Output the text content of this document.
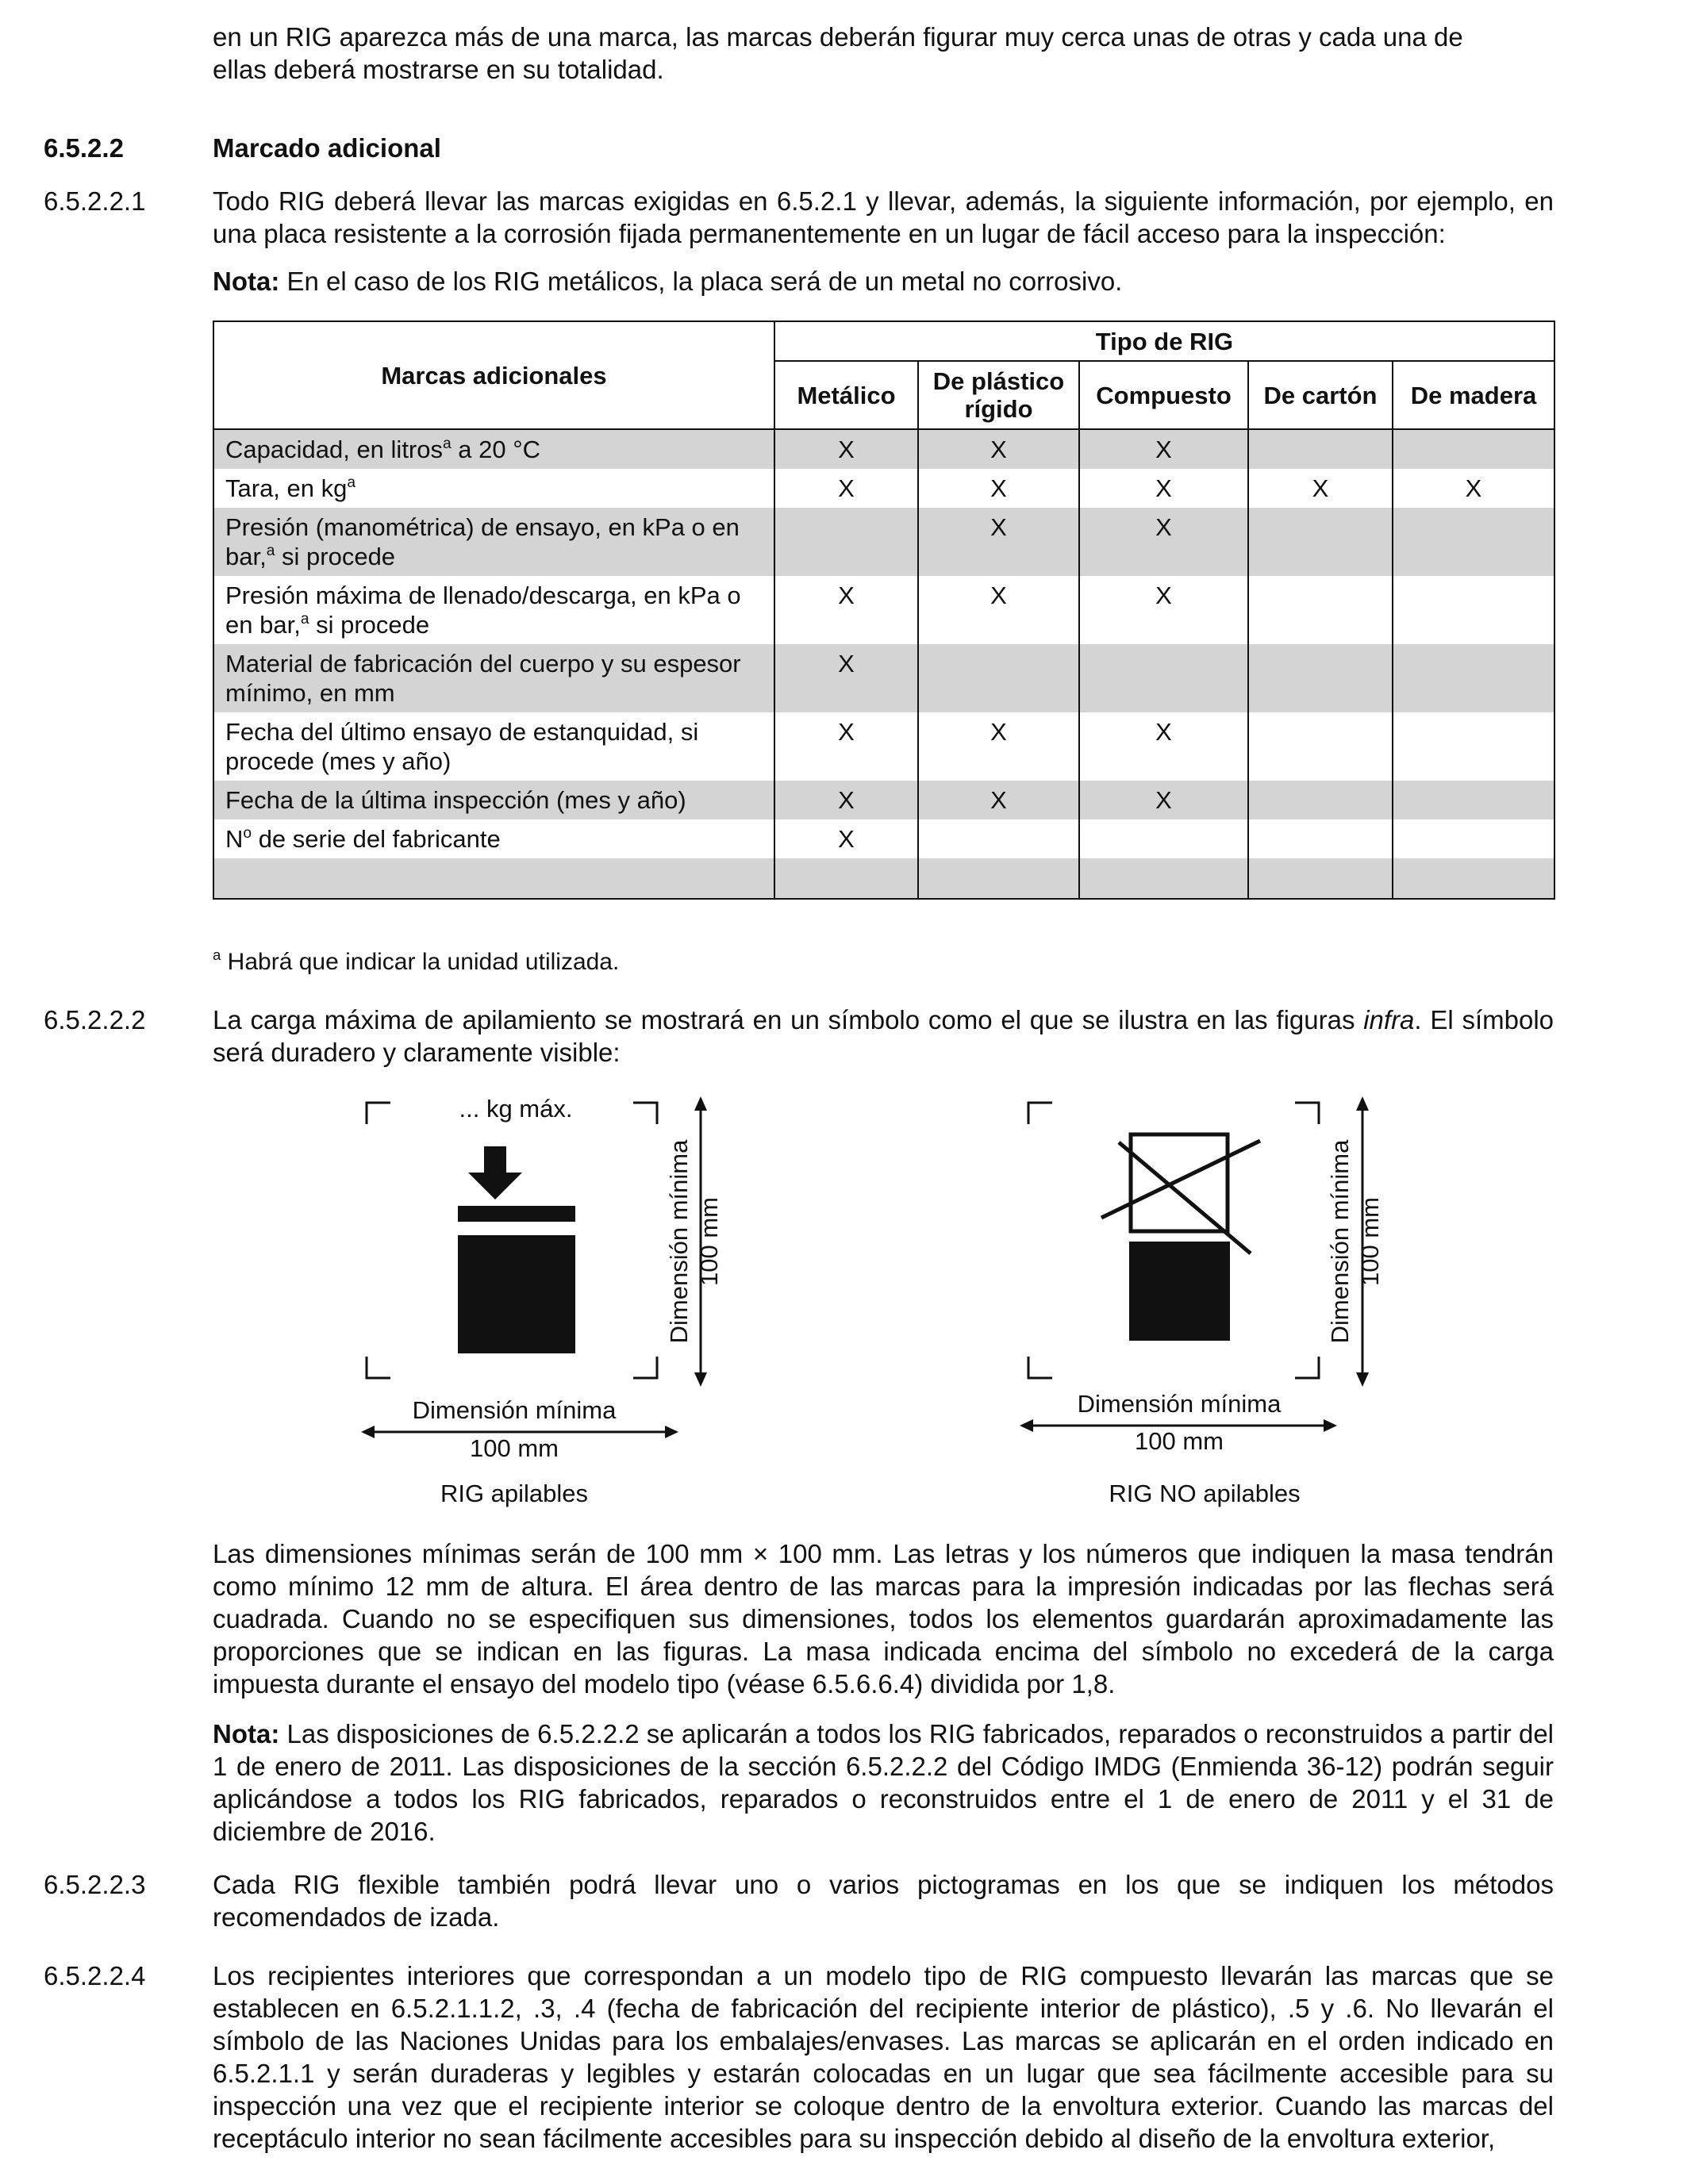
en un RIG aparezca más de una marca, las marcas deberán figurar muy cerca unas de otras y cada una de

ellas deberá mostrarse en su totalidad.

6.5.2.2	Marcado adicional

6.5.2.2.1	Todo RIG deberá llevar las marcas exigidas en 6.5.2.1 y llevar, además, la siguiente información, por ejemplo, en una placa resistente a la corrosión fijada permanentemente en un lugar de fácil acceso para la inspección:

Nota: En el caso de los RIG metálicos, la placa será de un metal no corrosivo.

Marcas adicionales	Tipo de RIG				
	Metálico	De plástico rígido	Compuesto	De cartón	De madera
Capacidad, en litros$^a$ a 20 °C	X	X	X		
Tara, en $kg^a$	X	X	X	X	X
Presión (manométrica) de ensayo, en kPa o en bar,$^a$ si procede		X	X		
Presión máxima de llenado/descarga, en kPa o en bar,$^a$ si procede	X	X	X		
Material de fabricación del cuerpo y su espesor mínimo, en mm	X				
Fecha del último ensayo de estanquidad, si procede (mes y año)	X	X	X		
Fecha de la última inspección (mes y año)	X	X	X		
$N^o$ de serie del fabricante	X				

$^a$ Habrá que indicar la unidad utilizada.

6.5.2.2.2	La carga máxima de apilamiento se mostrará en un símbolo como el que se ilustra en las figuras infra. El símbolo será duradero y claramente visible:

... kg máx.
Dimensión mínima 100 mm
Dimensión mínima
100 mm
RIG apilables
Dimensión mínima 100 mm
Dimensión mínima
100 mm
RIG NO apilables

Las dimensiones mínimas serán de 100 mm × 100 mm. Las letras y los números que indiquen la masa tendrán como mínimo 12 mm de altura. El área dentro de las marcas para la impresión indicadas por las flechas será cuadrada. Cuando no se especifiquen sus dimensiones, todos los elementos guardarán aproximadamente las proporciones que se indican en las figuras. La masa indicada encima del símbolo no excederá de la carga impuesta durante el ensayo del modelo tipo (véase 6.5.6.6.4) dividida por 1,8.

Nota: Las disposiciones de 6.5.2.2.2 se aplicarán a todos los RIG fabricados, reparados o reconstruidos a partir del 1 de enero de 2011. Las disposiciones de la sección 6.5.2.2.2 del Código IMDG (Enmienda 36-12) podrán seguir aplicándose a todos los RIG fabricados, reparados o reconstruidos entre el 1 de enero de 2011 y el 31 de diciembre de 2016.

6.5.2.2.3	Cada RIG flexible también podrá llevar uno o varios pictogramas en los que se indiquen los métodos recomendados de izada.

6.5.2.2.4	Los recipientes interiores que correspondan a un modelo tipo de RIG compuesto llevarán las marcas que se establecen en 6.5.2.1.1.2, .3, .4 (fecha de fabricación del recipiente interior de plástico), .5 y .6. No llevarán el símbolo de las Naciones Unidas para los embalajes/envases. Las marcas se aplicarán en el orden indicado en 6.5.2.1.1 y serán duraderas y legibles y estarán colocadas en un lugar que sea fácilmente accesible para su inspección una vez que el recipiente interior se coloque dentro de la envoltura exterior. Cuando las marcas del receptáculo interior no sean fácilmente accesibles para su inspección debido al diseño de la envoltura exterior,
